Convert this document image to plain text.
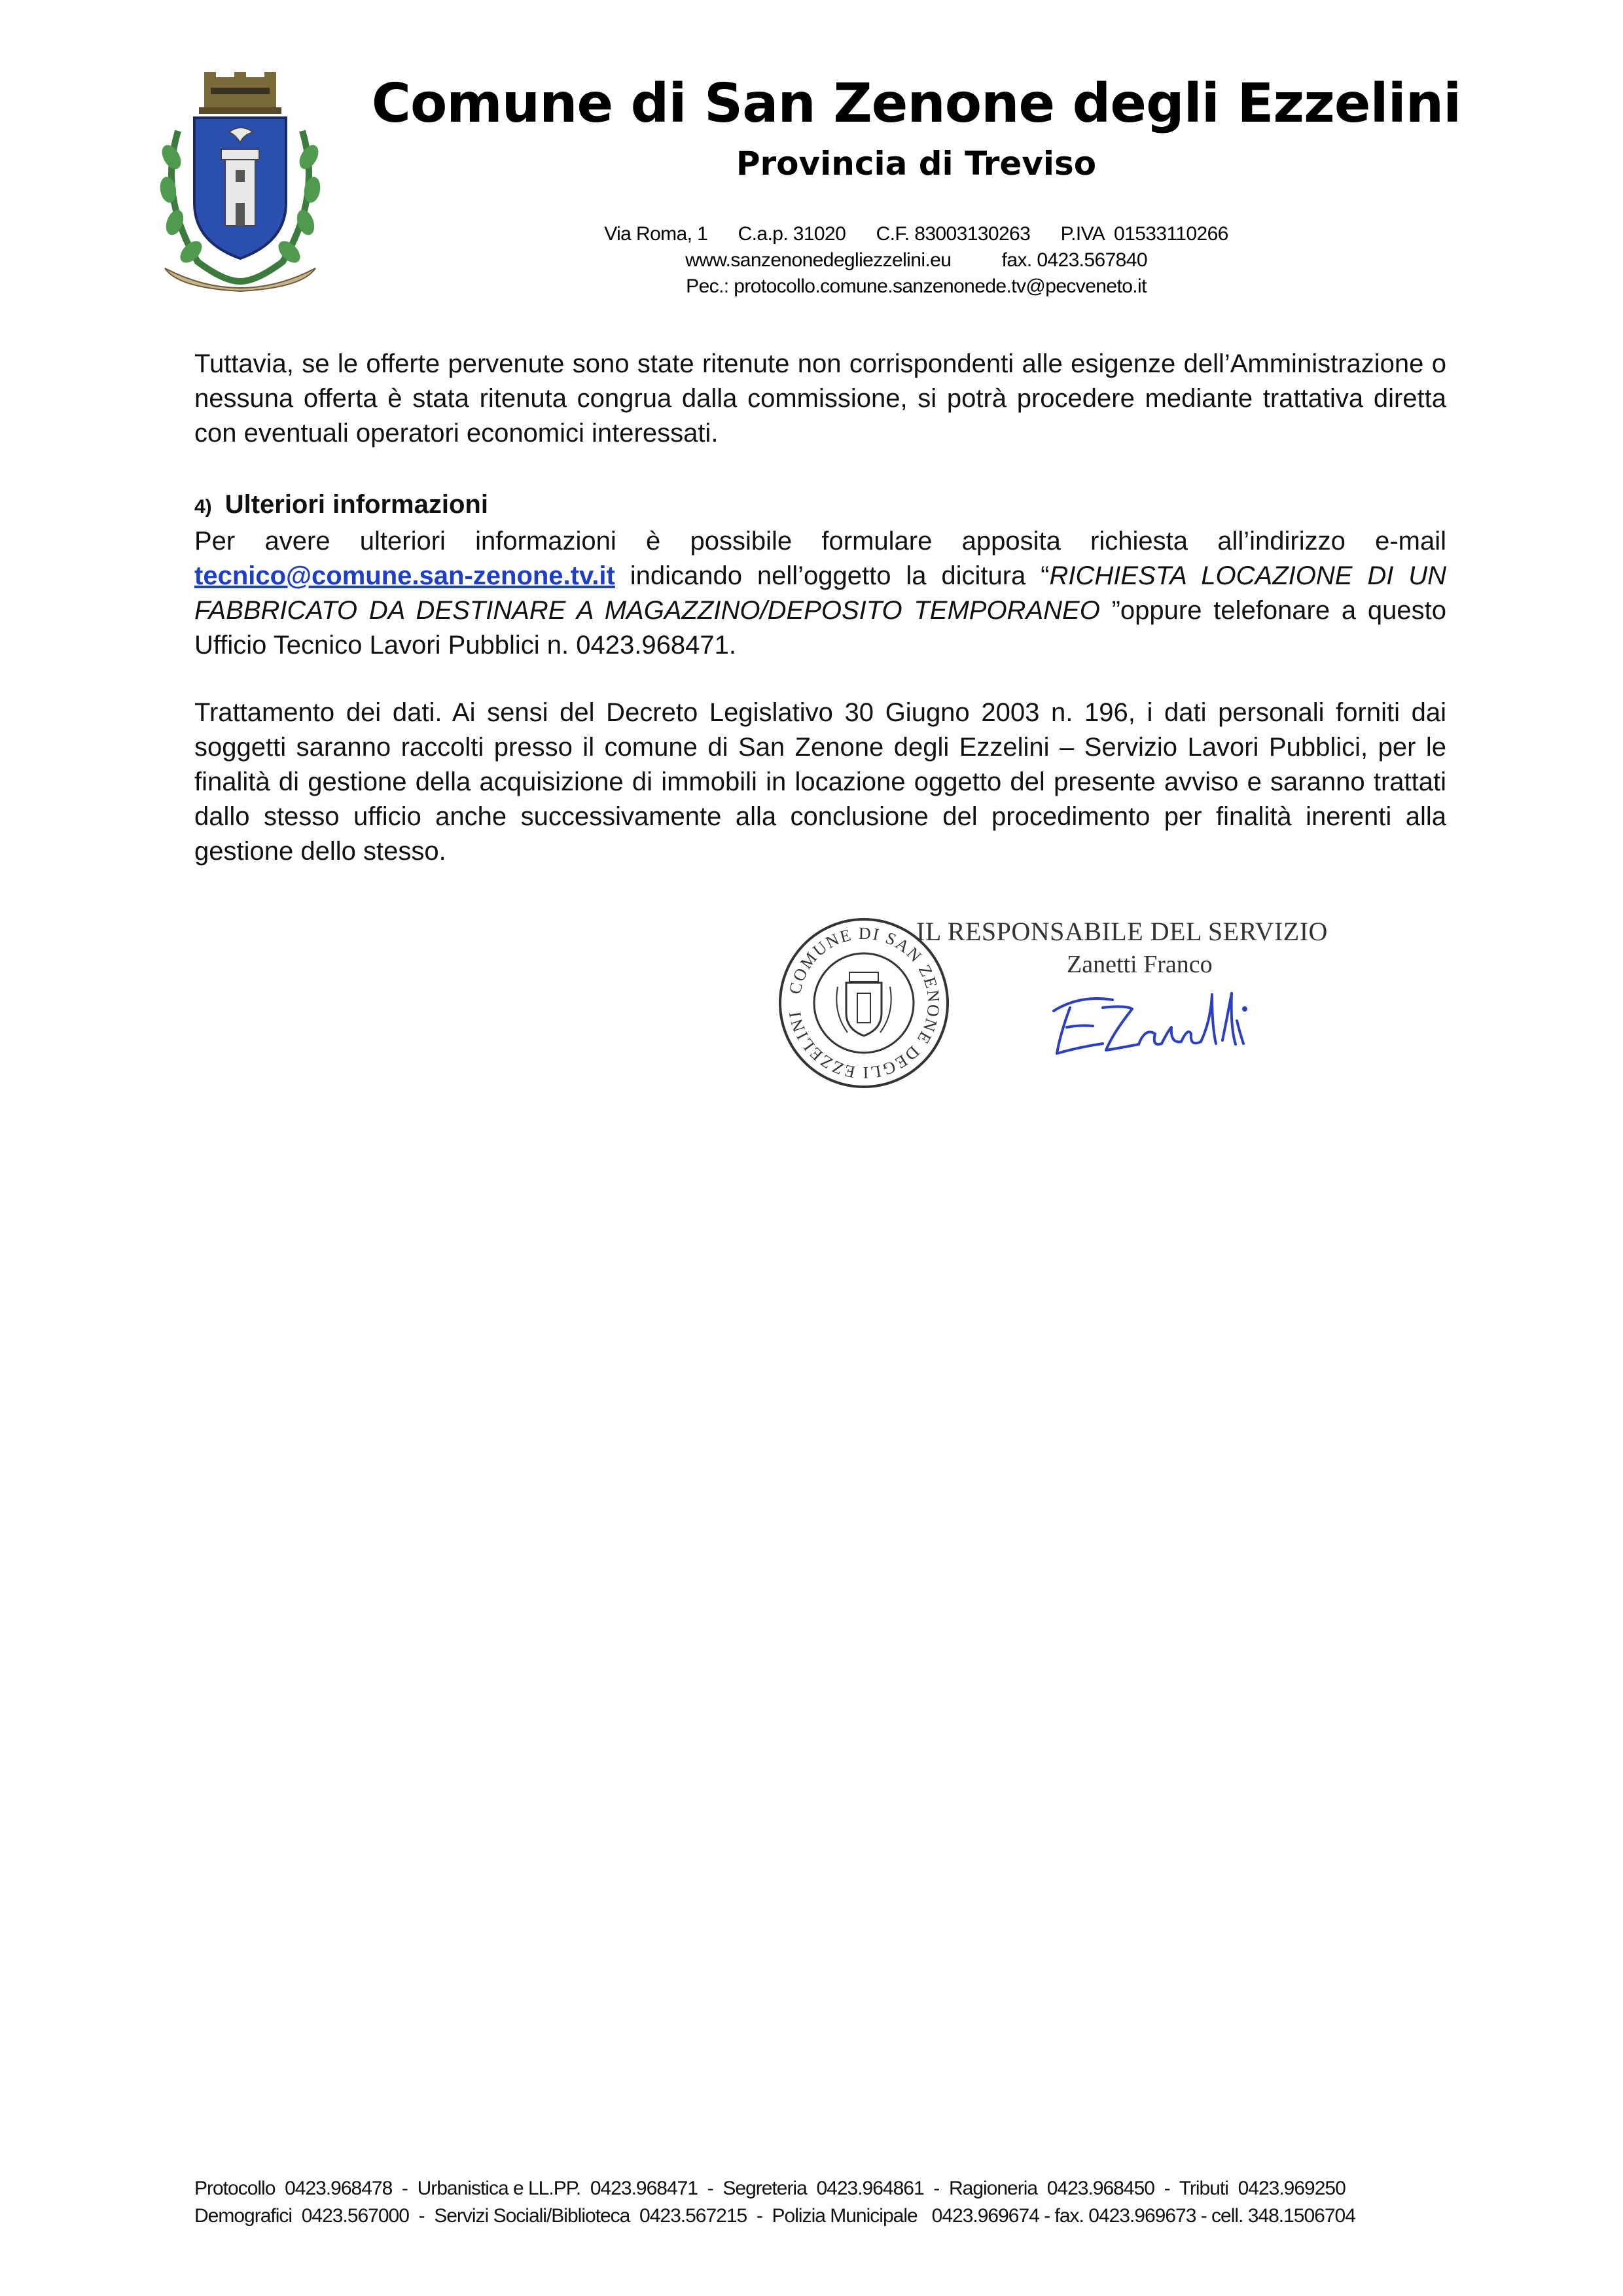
Comune di San Zenone degli Ezzelini
Provincia di Treviso
Via Roma, 1      C.a.p. 31020      C.F. 83003130263      P.IVA  01533110266
www.sanzenonedegliezzelini.eu          fax. 0423.567840
Pec.: protocollo.comune.sanzenonede.tv@pecveneto.it

Tuttavia, se le offerte pervenute sono state ritenute non corrispondenti alle esigenze dell’Amministrazione o nessuna offerta è stata ritenuta congrua dalla commissione, si potrà procedere mediante trattativa diretta con eventuali operatori economici interessati.

4) Ulteriori informazioni

Per avere ulteriori informazioni è possibile formulare apposita richiesta all’indirizzo e-mail tecnico@comune.san-zenone.tv.it indicando nell’oggetto la dicitura “RICHIESTA LOCAZIONE DI UN FABBRICATO DA DESTINARE A MAGAZZINO/DEPOSITO TEMPORANEO ”oppure telefonare a questo Ufficio Tecnico Lavori Pubblici n. 0423.968471.

Trattamento dei dati. Ai sensi del Decreto Legislativo 30 Giugno 2003 n. 196, i dati personali forniti dai soggetti saranno raccolti presso il comune di San Zenone degli Ezzelini – Servizio Lavori Pubblici, per le finalità di gestione della acquisizione di immobili in locazione oggetto del presente avviso e saranno trattati dallo stesso ufficio anche successivamente alla conclusione del procedimento per finalità inerenti alla gestione dello stesso.

COMUNE DI SAN ZENONE DEGLI EZZELINI
IL RESPONSABILE DEL SERVIZIO
Zanetti Franco
Protocollo  0423.968478  -  Urbanistica e LL.PP.  0423.968471  -  Segreteria  0423.964861  -  Ragioneria  0423.968450  -  Tributi  0423.969250
Demografici  0423.567000  -  Servizi Sociali/Biblioteca  0423.567215  -  Polizia Municipale   0423.969674 - fax. 0423.969673 - cell. 348.1506704
